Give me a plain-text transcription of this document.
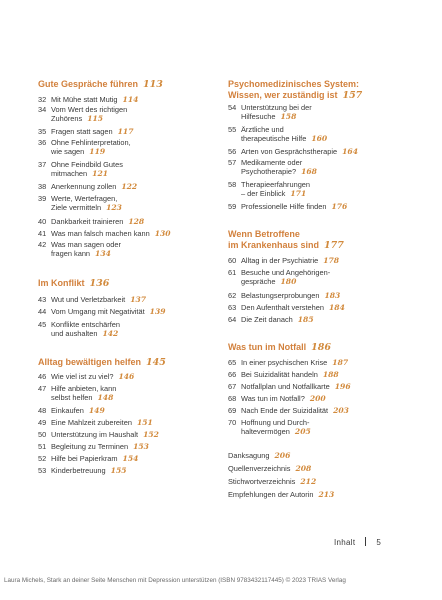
Gute Gespräche führen 113
32 Mit Mühe statt Mutig 114
34 Vom Wert des richtigen
Zuhörens 115
35 Fragen statt sagen 117
36 Ohne Fehlinterpretation,
wie sagen 119
37 Ohne Feindbild Gutes
mitmachen 121
38 Anerkennung zollen 122
39 Werte, Wertefragen,
Ziele vermitteln 123
40 Dankbarkeit trainieren 128
41 Was man falsch machen kann 130
42 Was man sagen oder
fragen kann 134
Im Konflikt 136
43 Wut und Verletzbarkeit 137
44 Vom Umgang mit Negativität 139
45 Konflikte entschärfen
und aushalten 142
Alltag bewältigen helfen 145
46 Wie viel ist zu viel? 146
47 Hilfe anbieten, kann
selbst helfen 148
48 Einkaufen 149
49 Eine Mahlzeit zubereiten 151
50 Unterstützung im Haushalt 152
51 Begleitung zu Terminen 153
52 Hilfe bei Papierkram 154
53 Kinderbetreuung 155
Psychomedizinisches System:
Wissen, wer zuständig ist 157
54 Unterstützung bei der
Hilfesuche 158
55 Ärztliche und
therapeutische Hilfe 160
56 Arten von Gesprächstherapie 164
57 Medikamente oder
Psychotherapie? 168
58 Therapieerfahrungen
– der Einblick 171
59 Professionelle Hilfe finden 176
Wenn Betroffene
im Krankenhaus sind 177
60 Alltag in der Psychiatrie 178
61 Besuche und Angehörigen-
gespräche 180
62 Belastungserprobungen 183
63 Den Aufenthalt verstehen 184
64 Die Zeit danach 185
Was tun im Notfall 186
65 In einer psychischen Krise 187
66 Bei Suizidalität handeln 188
67 Notfallplan und Notfallkarte 196
68 Was tun im Notfall? 200
69 Nach Ende der Suizidalität 203
70 Hoffnung und Durch-
haltevermögen 205
Danksagung 206
Quellenverzeichnis 208
Stichwortverzeichnis 212
Empfehlungen der Autorin 213
Inhalt	5
Laura Michels, Stark an deiner Seite Menschen mit Depression unterstützen (ISBN 9783432117445) © 2023 TRIAS Verlag
